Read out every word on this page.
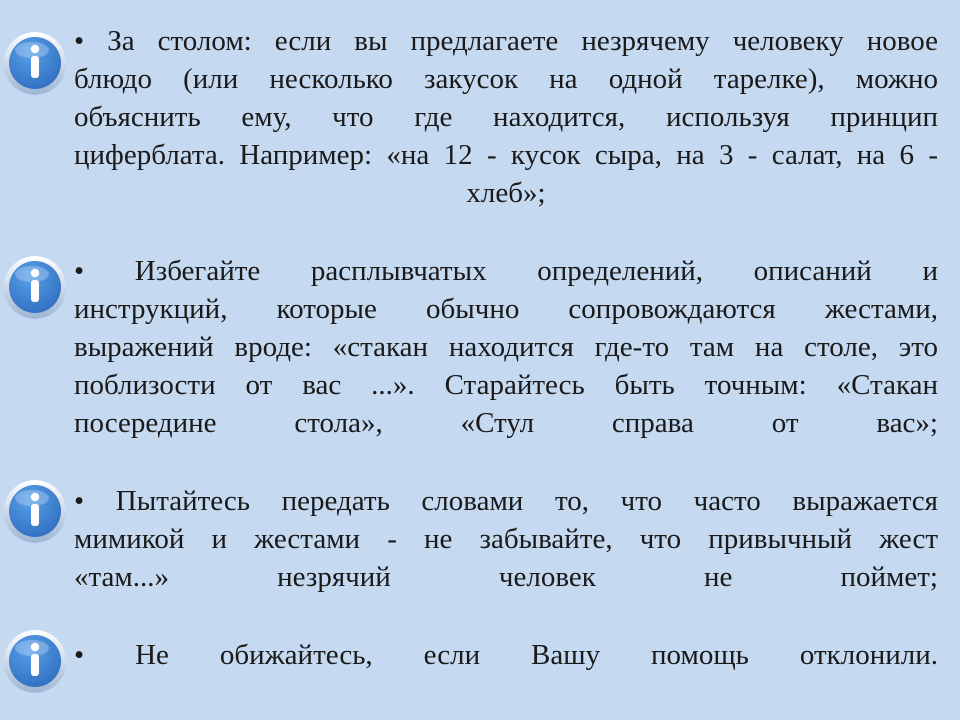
• За столом: если вы предлагаете незрячему человеку новое
блюдо (или несколько закусок на одной тарелке), можно
объяснить ему, что где находится, используя принцип
циферблата. Например: «на 12 - кусок сыра, на 3 - салат, на 6 -
хлеб»;
• Избегайте расплывчатых определений, описаний и
инструкций, которые обычно сопровождаются жестами,
выражений вроде: «стакан находится где-то там на столе, это
поблизости от вас ...». Старайтесь быть точным: «Стакан
посередине стола», «Стул справа от вас»;
• Пытайтесь передать словами то, что часто выражается
мимикой и жестами - не забывайте, что привычный жест
«там...» незрячий человек не поймет;
• Не обижайтесь, если Вашу помощь отклонили.
